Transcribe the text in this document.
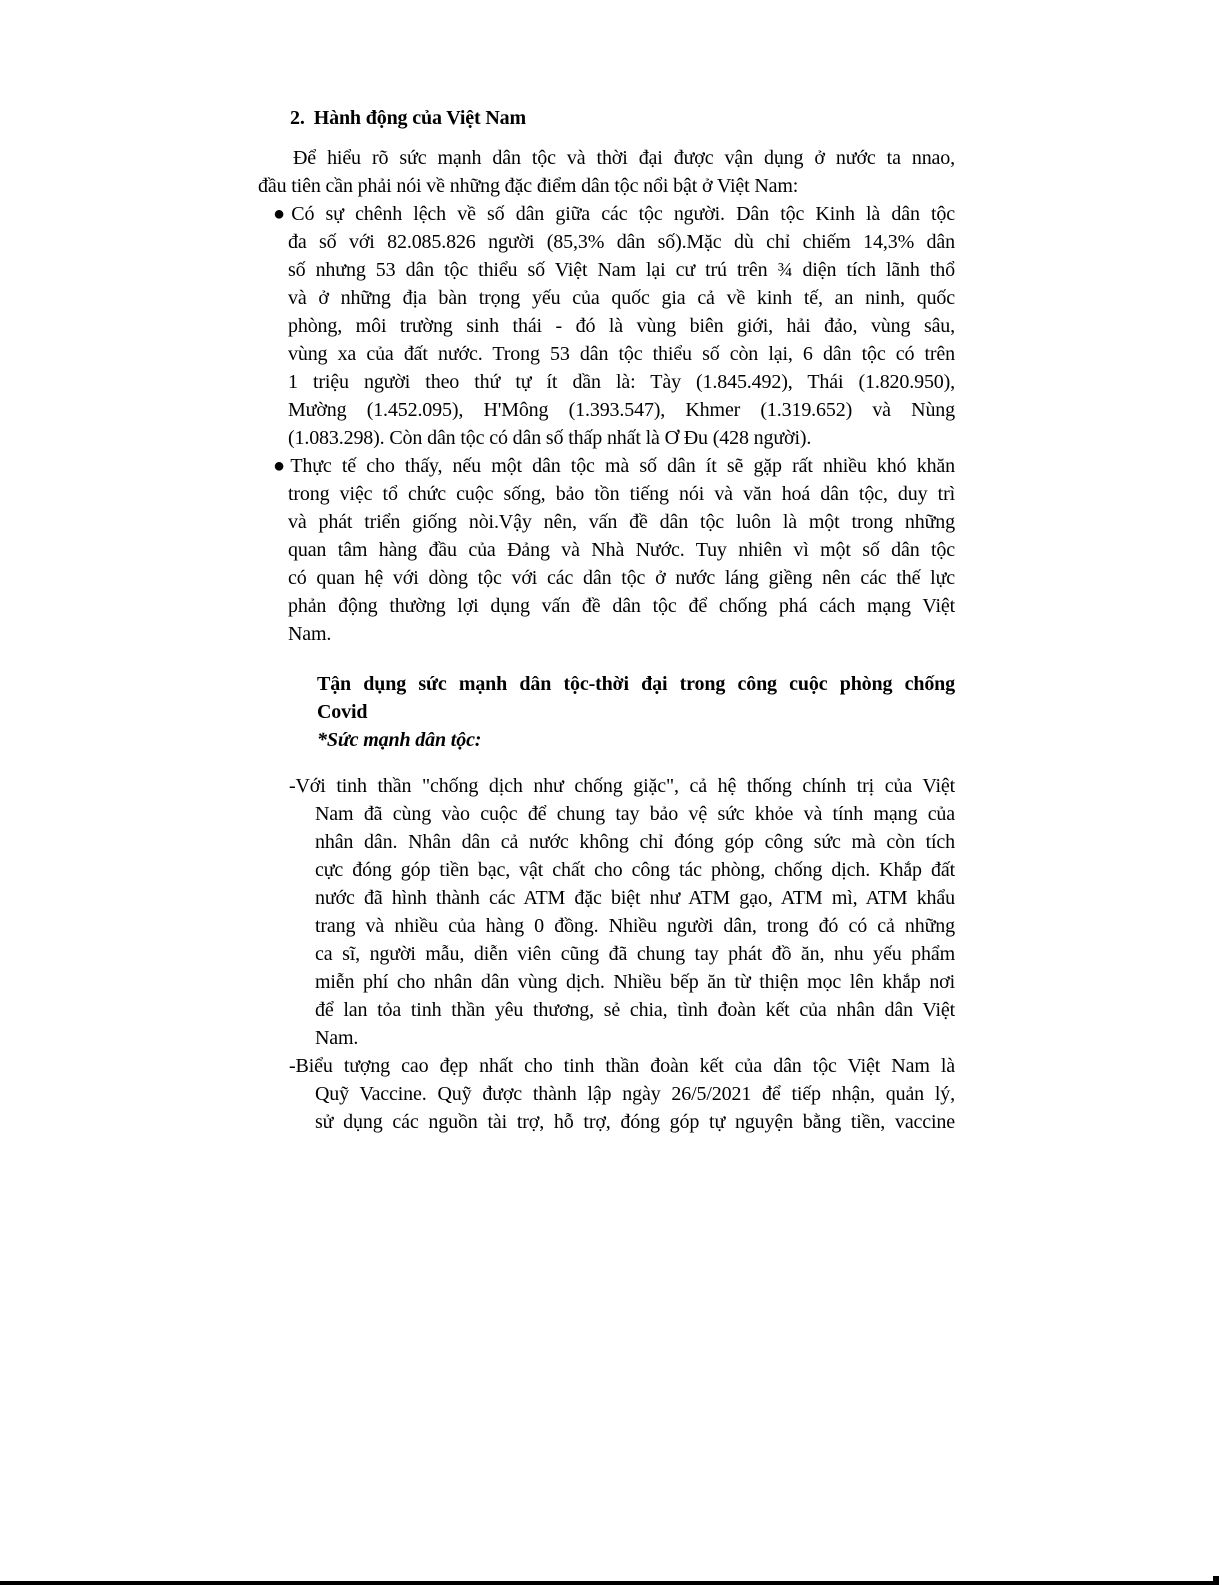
2. Hành động của Việt Nam
Để hiểu rõ sức mạnh dân tộc và thời đại được vận dụng ở nước ta nnao,
đầu tiên cần phải nói về những đặc điểm dân tộc nổi bật ở Việt Nam:
●Có sự chênh lệch về số dân giữa các tộc người. Dân tộc Kinh là dân tộc
đa số với 82.085.826 người (85,3% dân số).Mặc dù chỉ chiếm 14,3% dân
số nhưng 53 dân tộc thiểu số Việt Nam lại cư trú trên ¾ diện tích lãnh thổ
và ở những địa bàn trọng yếu của quốc gia cả về kinh tế, an ninh, quốc
phòng, môi trường sinh thái - đó là vùng biên giới, hải đảo, vùng sâu,
vùng xa của đất nước. Trong 53 dân tộc thiểu số còn lại, 6 dân tộc có trên
1 triệu người theo thứ tự ít dần là: Tày (1.845.492), Thái (1.820.950),
Mường (1.452.095), H'Mông (1.393.547), Khmer (1.319.652) và Nùng
(1.083.298). Còn dân tộc có dân số thấp nhất là Ơ Đu (428 người).
●Thực tế cho thấy, nếu một dân tộc mà số dân ít sẽ gặp rất nhiều khó khăn
trong việc tổ chức cuộc sống, bảo tồn tiếng nói và văn hoá dân tộc, duy trì
và phát triển giống nòi.Vậy nên, vấn đề dân tộc luôn là một trong những
quan tâm hàng đầu của Đảng và Nhà Nước. Tuy nhiên vì một số dân tộc
có quan hệ với dòng tộc với các dân tộc ở nước láng giềng nên các thế lực
phản động thường lợi dụng vấn đề dân tộc để chống phá cách mạng Việt
Nam.
Tận dụng sức mạnh dân tộc-thời đại trong công cuộc phòng chống
Covid
*Sức mạnh dân tộc:
-Với tinh thần "chống dịch như chống giặc", cả hệ thống chính trị của Việt
Nam đã cùng vào cuộc để chung tay bảo vệ sức khỏe và tính mạng của
nhân dân. Nhân dân cả nước không chỉ đóng góp công sức mà còn tích
cực đóng góp tiền bạc, vật chất cho công tác phòng, chống dịch. Khắp đất
nước đã hình thành các ATM đặc biệt như ATM gạo, ATM mì, ATM khẩu
trang và nhiều của hàng 0 đồng. Nhiều người dân, trong đó có cả những
ca sĩ, người mẫu, diễn viên cũng đã chung tay phát đồ ăn, nhu yếu phẩm
miễn phí cho nhân dân vùng dịch. Nhiều bếp ăn từ thiện mọc lên khắp nơi
để lan tỏa tinh thần yêu thương, sẻ chia, tình đoàn kết của nhân dân Việt
Nam.
-Biểu tượng cao đẹp nhất cho tinh thần đoàn kết của dân tộc Việt Nam là
Quỹ Vaccine. Quỹ được thành lập ngày 26/5/2021 để tiếp nhận, quản lý,
sử dụng các nguồn tài trợ, hỗ trợ, đóng góp tự nguyện bằng tiền, vaccine
